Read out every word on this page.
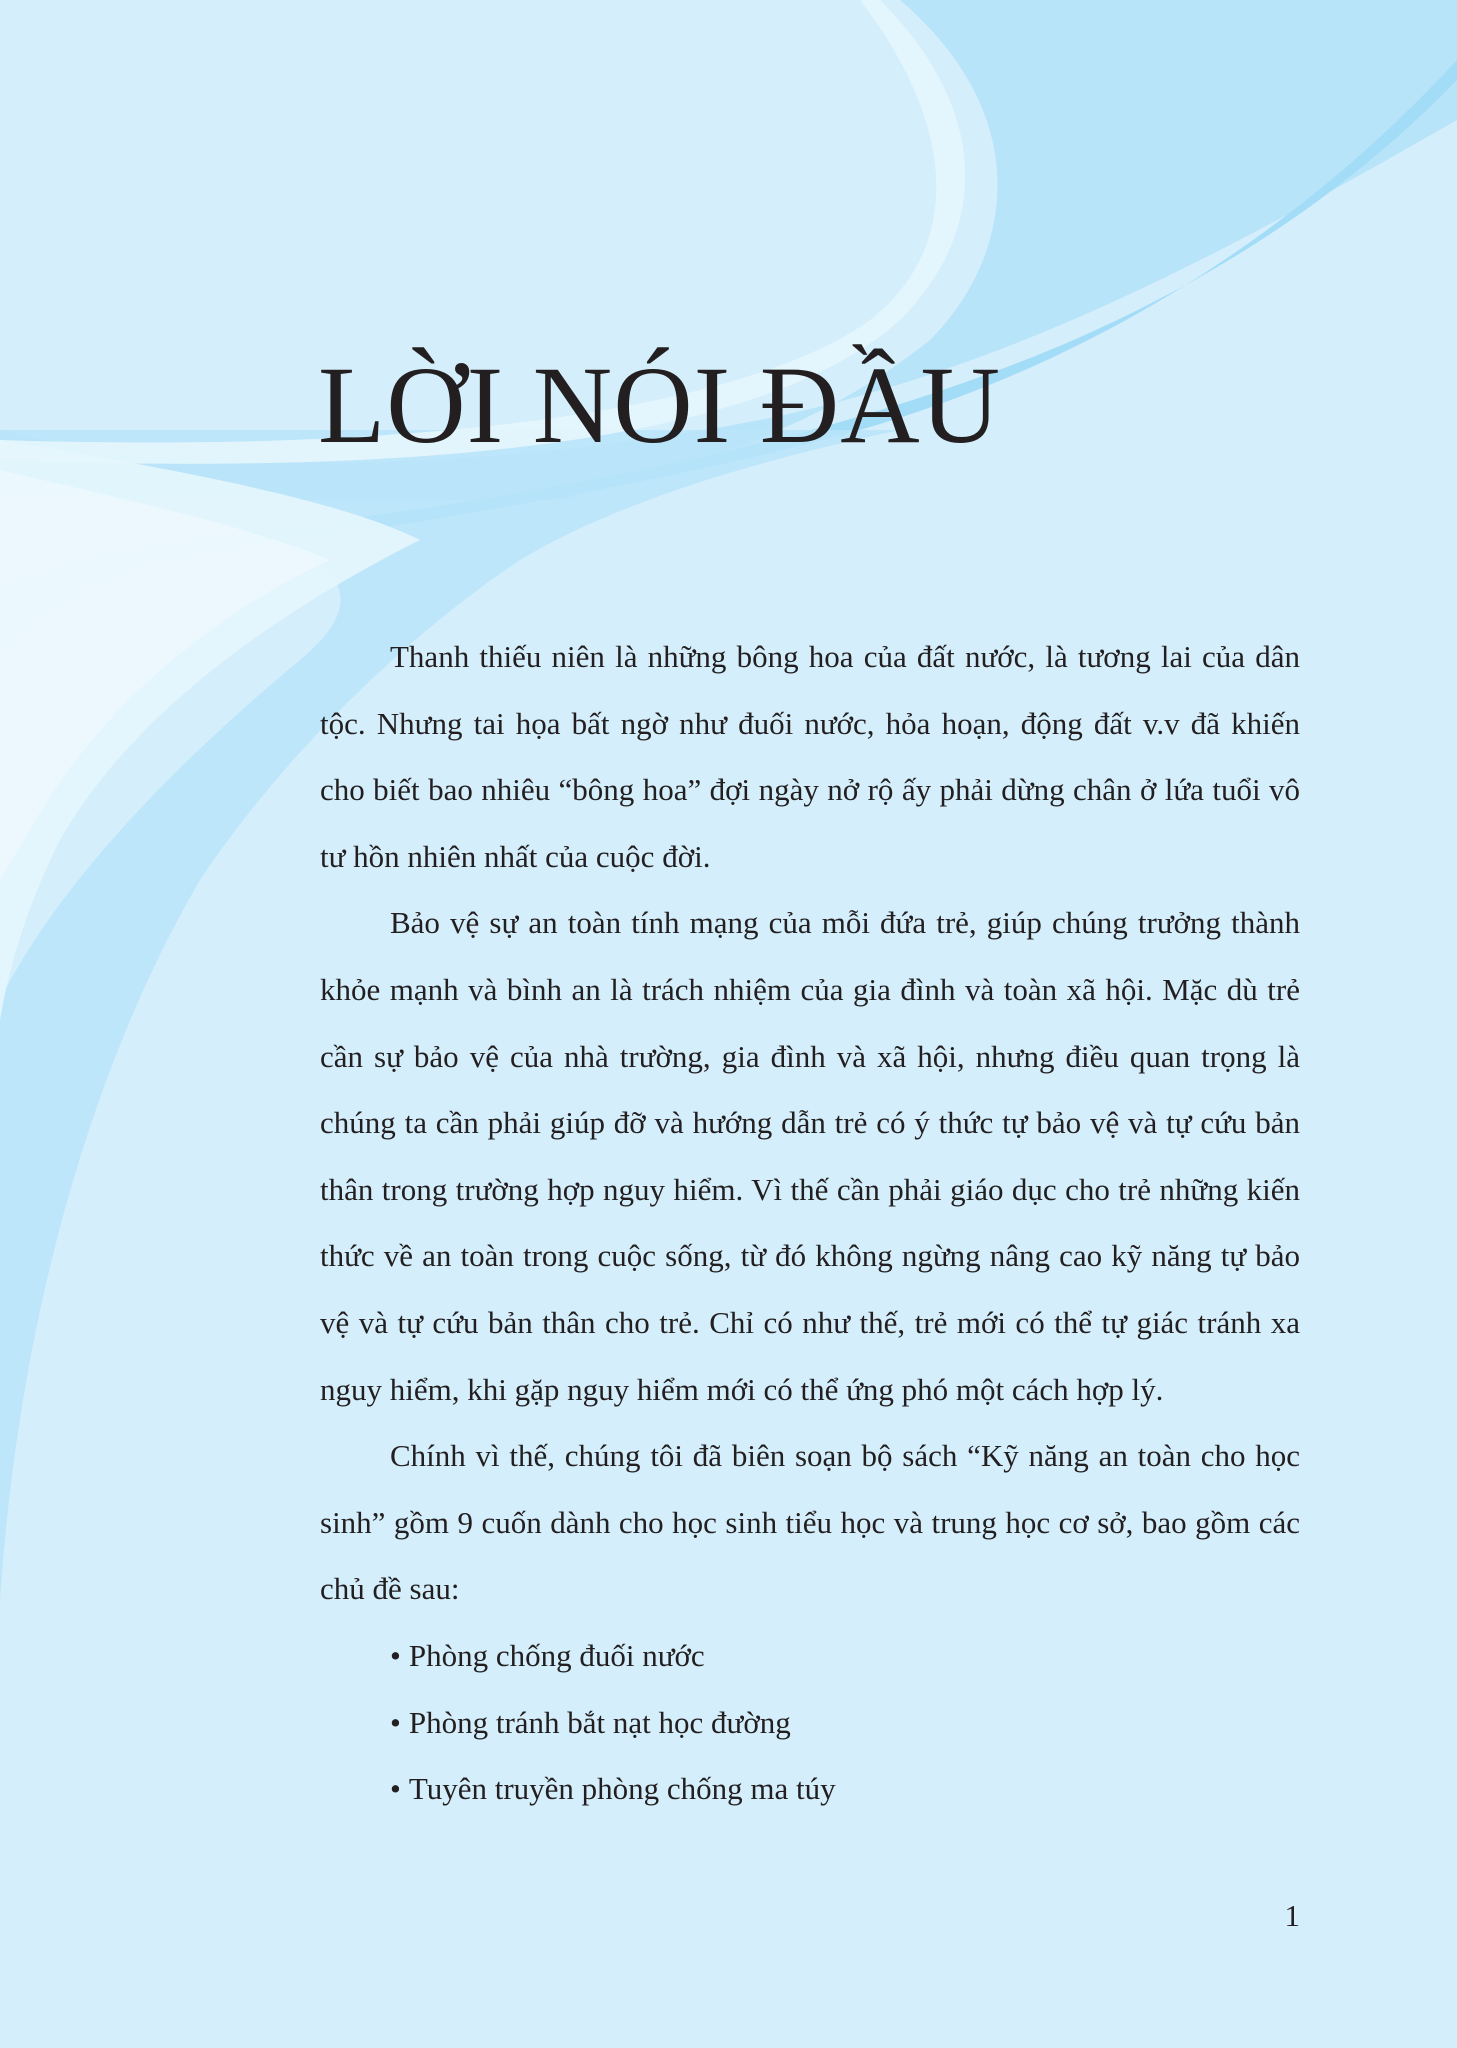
LỜI NÓI ĐẦU

Thanh thiếu niên là những bông hoa của đất nước, là tương lai của dân tộc. Nhưng tai họa bất ngờ như đuối nước, hỏa hoạn, động đất v.v đã khiến cho biết bao nhiêu “bông hoa” đợi ngày nở rộ ấy phải dừng chân ở lứa tuổi vô tư hồn nhiên nhất của cuộc đời.

Bảo vệ sự an toàn tính mạng của mỗi đứa trẻ, giúp chúng trưởng thành khỏe mạnh và bình an là trách nhiệm của gia đình và toàn xã hội. Mặc dù trẻ cần sự bảo vệ của nhà trường, gia đình và xã hội, nhưng điều quan trọng là chúng ta cần phải giúp đỡ và hướng dẫn trẻ có ý thức tự bảo vệ và tự cứu bản thân trong trường hợp nguy hiểm. Vì thế cần phải giáo dục cho trẻ những kiến thức về an toàn trong cuộc sống, từ đó không ngừng nâng cao kỹ năng tự bảo vệ và tự cứu bản thân cho trẻ. Chỉ có như thế, trẻ mới có thể tự giác tránh xa nguy hiểm, khi gặp nguy hiểm mới có thể ứng phó một cách hợp lý.

Chính vì thế, chúng tôi đã biên soạn bộ sách “Kỹ năng an toàn cho học sinh” gồm 9 cuốn dành cho học sinh tiểu học và trung học cơ sở, bao gồm các chủ đề sau:

• Phòng chống đuối nước
• Phòng tránh bắt nạt học đường
• Tuyên truyền phòng chống ma túy
1
